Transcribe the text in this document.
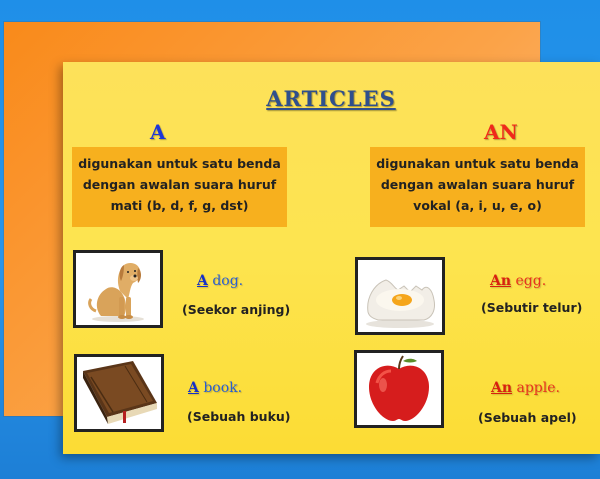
ARTICLES
A	AN
digunakan untuk satu benda
dengan awalan suara huruf
mati (b, d, f, g, dst)
digunakan untuk satu benda
dengan awalan suara huruf
vokal (a, i, u, e, o)
A dog.
(Seekor anjing)
A book.
(Sebuah buku)
An egg.
(Sebutir telur)
An apple.
(Sebuah apel)
